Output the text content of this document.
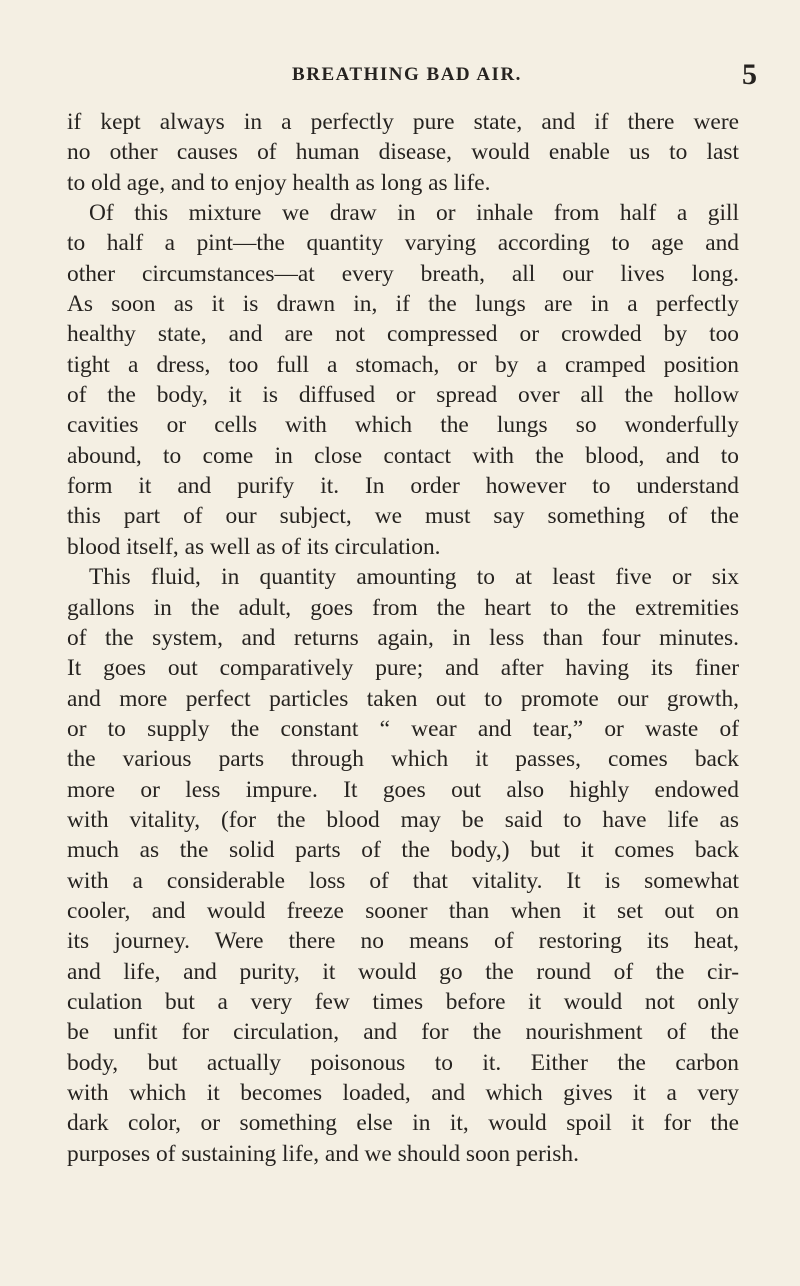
BREATHING BAD AIR.	5
if kept always in a perfectly pure state, and if there were
no other causes of human disease, would enable us to last
to old age, and to enjoy health as long as life.
Of this mixture we draw in or inhale from half a gill
to half a pint—the quantity varying according to age and
other circumstances—at every breath, all our lives long.
As soon as it is drawn in, if the lungs are in a perfectly
healthy state, and are not compressed or crowded by too
tight a dress, too full a stomach, or by a cramped position
of the body, it is diffused or spread over all the hollow
cavities or cells with which the lungs so wonderfully
abound, to come in close contact with the blood, and to
form it and purify it. In order however to understand
this part of our subject, we must say something of the
blood itself, as well as of its circulation.
This fluid, in quantity amounting to at least five or six
gallons in the adult, goes from the heart to the extremities
of the system, and returns again, in less than four minutes.
It goes out comparatively pure; and after having its finer
and more perfect particles taken out to promote our growth,
or to supply the constant “ wear and tear,” or waste of
the various parts through which it passes, comes back
more or less impure. It goes out also highly endowed
with vitality, (for the blood may be said to have life as
much as the solid parts of the body,) but it comes back
with a considerable loss of that vitality. It is somewhat
cooler, and would freeze sooner than when it set out on
its journey. Were there no means of restoring its heat,
and life, and purity, it would go the round of the cir-
culation but a very few times before it would not only
be unfit for circulation, and for the nourishment of the
body, but actually poisonous to it. Either the carbon
with which it becomes loaded, and which gives it a very
dark color, or something else in it, would spoil it for the
purposes of sustaining life, and we should soon perish.
